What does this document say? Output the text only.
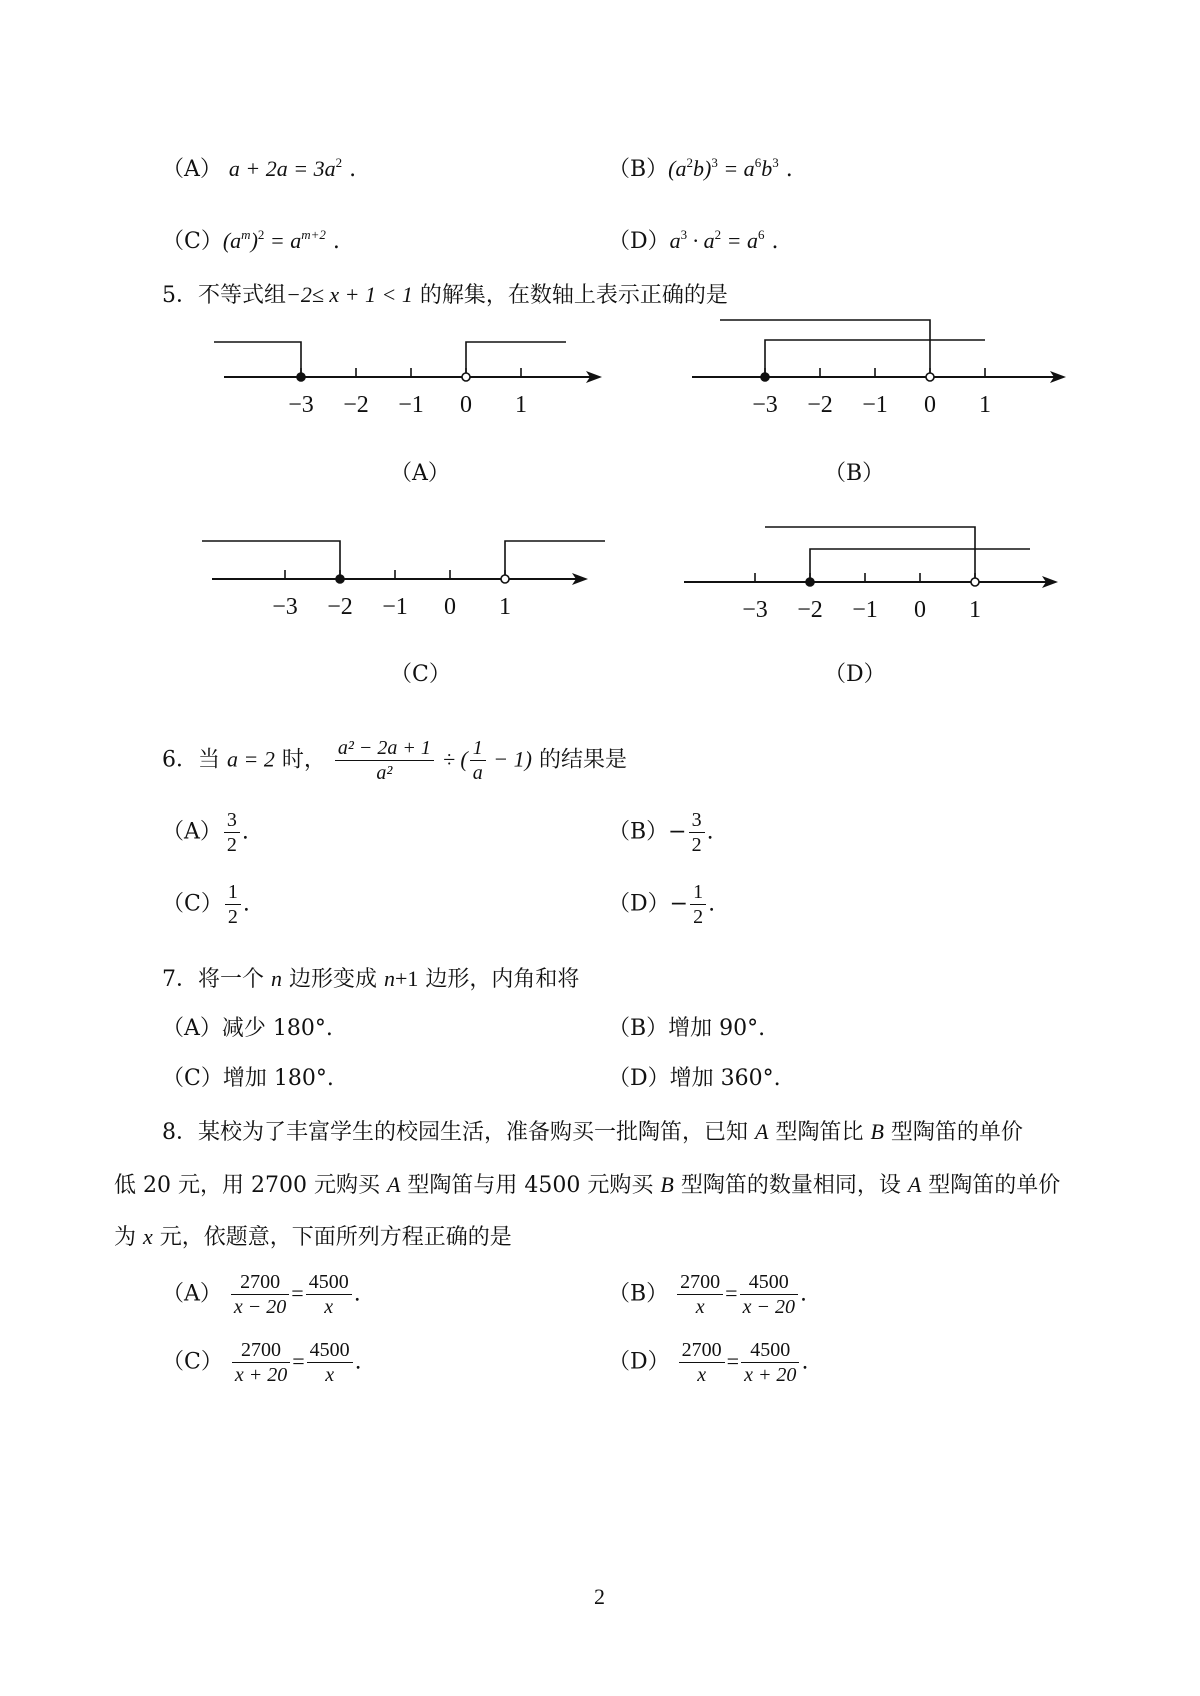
（A） $a + 2a = 3a^2$ .	$(B)(a^2b)^3 = a^6b^3$ .
$(C)(a^m)^2 = a^{m+2}$ .	$(D)a^3 \cdot a^2 = a^6$ .
5．不等式组−2≤ x + 1 < 1 的解集，在数轴上表示正确的是
−3 −2 −1 0 1	−3 −2 −1 0 1
−3 −2 −1 0 1	−3 −2 −1 0 1
（A）	（B）
（C）	（D）
6．当 a = 2 时， $\frac{\text{a² − 2a + 1}}{\text{a²}}$ ÷ ( $\frac{1}{a} - 1$) 的结果是
$(A) \frac{3}{2}$ .	$(B)- \frac{3}{2}$ .
$(C) \frac{1}{2}$ .	$(D)- \frac{1}{2}$ .
7．将一个 n 边形变成 n+1 边形，内角和将
（A）减少 180°.	（B）增加 90°.
（C）增加 180°.	（D）增加 360°.
8．某校为了丰富学生的校园生活，准备购买一批陶笛，已知 A 型陶笛比 B 型陶笛的单价
低 20 元，用 2700 元购买 A 型陶笛与用 4500 元购买 B 型陶笛的数量相同，设 A 型陶笛的单价
为 x 元，依题意，下面所列方程正确的是
$(A) \frac{2700}{x - 20} = \frac{4500}{x}$ .	$(B) \frac{2700}{x} = \frac{4500}{x - 20}$ .
$(C) \frac{2700}{x + 20} = \frac{4500}{x}$ .	$(D) \frac{2700}{x} = \frac{4500}{x + 20}$ .
2
